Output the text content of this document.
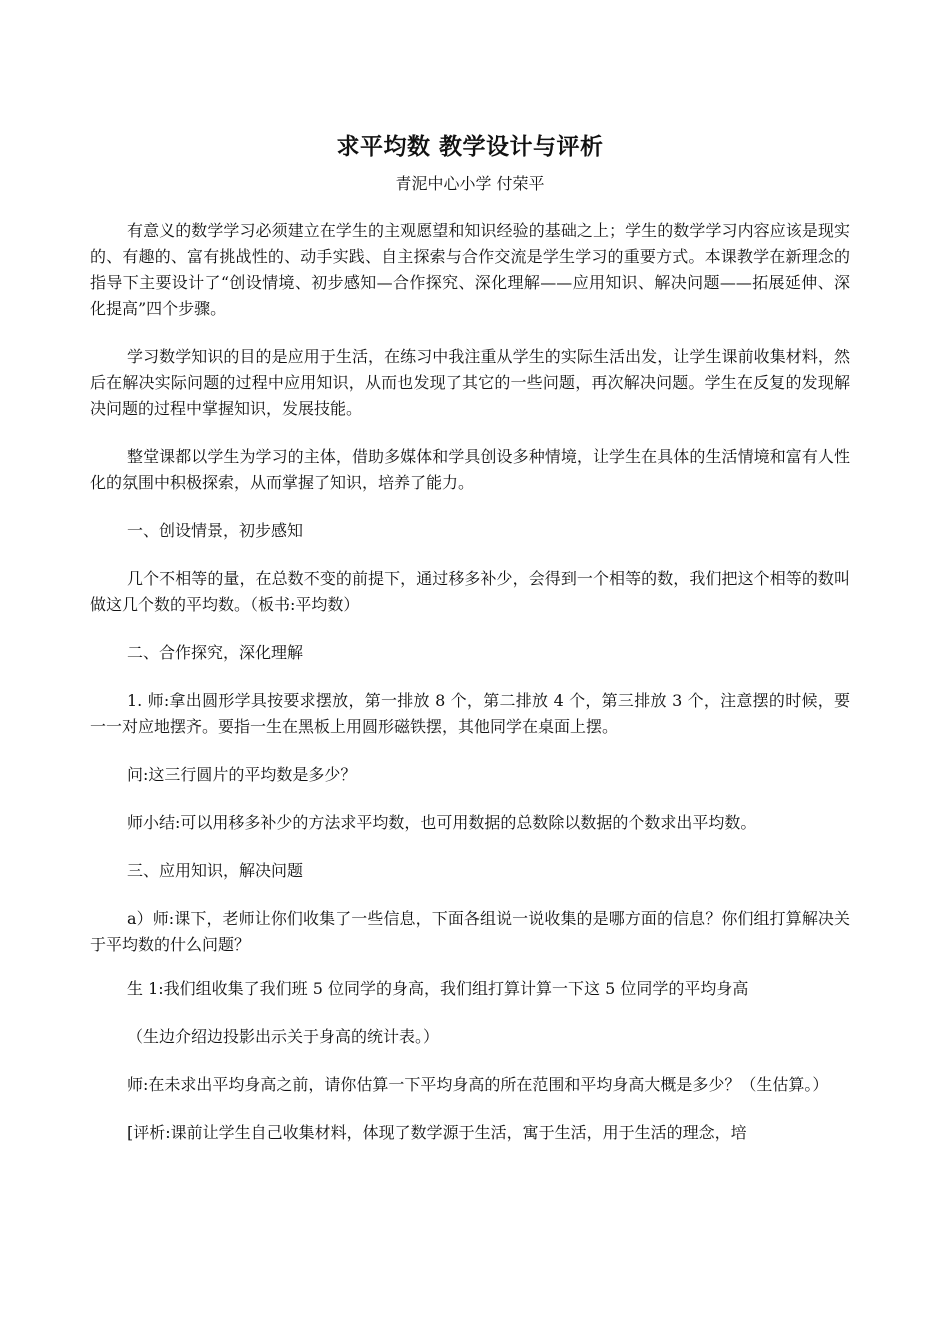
求平均数 教学设计与评析

青泥中心小学 付荣平

有意义的数学学习必须建立在学生的主观愿望和知识经验的基础之上；学生的数学学习内容应该是现实的、有趣的、富有挑战性的、动手实践、自主探索与合作交流是学生学习的重要方式。本课教学在新理念的指导下主要设计了“创设情境、初步感知—合作探究、深化理解——应用知识、解决问题——拓展延伸、深化提高”四个步骤。

学习数学知识的目的是应用于生活，在练习中我注重从学生的实际生活出发，让学生课前收集材料，然后在解决实际问题的过程中应用知识，从而也发现了其它的一些问题，再次解决问题。学生在反复的发现解决问题的过程中掌握知识，发展技能。

整堂课都以学生为学习的主体，借助多媒体和学具创设多种情境，让学生在具体的生活情境和富有人性化的氛围中积极探索，从而掌握了知识，培养了能力。

一、创设情景，初步感知

几个不相等的量，在总数不变的前提下，通过移多补少，会得到一个相等的数，我们把这个相等的数叫做这几个数的平均数。（板书:平均数）

二、合作探究，深化理解

1. 师:拿出圆形学具按要求摆放，第一排放 8 个，第二排放 4 个，第三排放 3 个，注意摆的时候，要一一对应地摆齐。要指一生在黑板上用圆形磁铁摆，其他同学在桌面上摆。

问:这三行圆片的平均数是多少？

师小结:可以用移多补少的方法求平均数，也可用数据的总数除以数据的个数求出平均数。

三、应用知识，解决问题

a）师:课下，老师让你们收集了一些信息，下面各组说一说收集的是哪方面的信息？你们组打算解决关于平均数的什么问题？

生 1:我们组收集了我们班 5 位同学的身高，我们组打算计算一下这 5 位同学的平均身高

（生边介绍边投影出示关于身高的统计表。）

师:在未求出平均身高之前，请你估算一下平均身高的所在范围和平均身高大概是多少？（生估算。）

[评析:课前让学生自己收集材料，体现了数学源于生活，寓于生活，用于生活的理念，培
